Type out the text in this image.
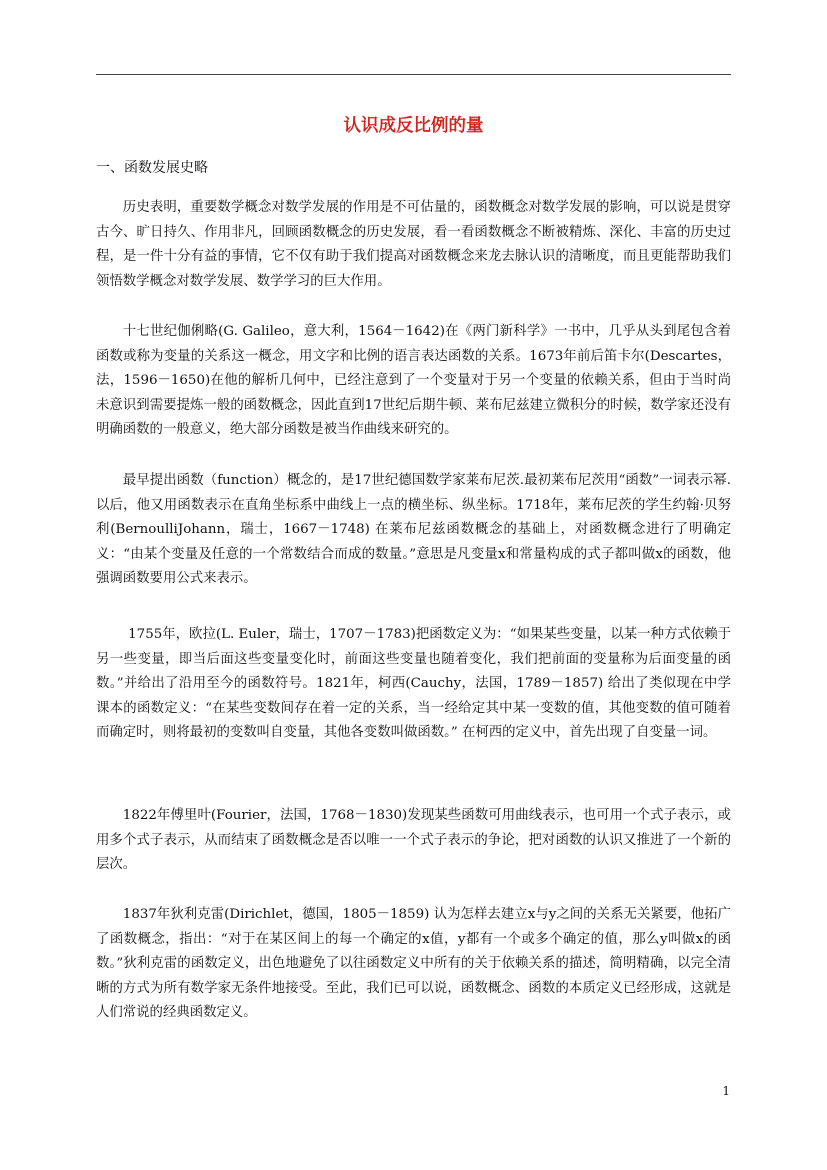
认识成反比例的量

一、函数发展史略

历史表明，重要数学概念对数学发展的作用是不可估量的，函数概念对数学发展的影响，可以说是贯穿古今、旷日持久、作用非凡，回顾函数概念的历史发展，看一看函数概念不断被精炼、深化、丰富的历史过程，是一件十分有益的事情，它不仅有助于我们提高对函数概念来龙去脉认识的清晰度，而且更能帮助我们领悟数学概念对数学发展、数学学习的巨大作用。

十七世纪伽俐略(G. Galileo，意大利，1564－1642)在《两门新科学》一书中，几乎从头到尾包含着函数或称为变量的关系这一概念，用文字和比例的语言表达函数的关系。1673年前后笛卡尔(Descartes，法，1596－1650)在他的解析几何中，已经注意到了一个变量对于另一个变量的依赖关系，但由于当时尚未意识到需要提炼一般的函数概念，因此直到17世纪后期牛顿、莱布尼兹建立微积分的时候，数学家还没有明确函数的一般意义，绝大部分函数是被当作曲线来研究的。

最早提出函数（function）概念的，是17世纪德国数学家莱布尼茨.最初莱布尼茨用“函数”一词表示幂.以后，他又用函数表示在直角坐标系中曲线上一点的横坐标、纵坐标。1718年，莱布尼茨的学生约翰·贝努利(BernoulliJohann，瑞士，1667－1748) 在莱布尼兹函数概念的基础上，对函数概念进行了明确定义：“由某个变量及任意的一个常数结合而成的数量。”意思是凡变量x和常量构成的式子都叫做x的函数，他强调函数要用公式来表示。

1755年，欧拉(L. Euler，瑞士，1707－1783)把函数定义为：“如果某些变量，以某一种方式依赖于另一些变量，即当后面这些变量变化时，前面这些变量也随着变化，我们把前面的变量称为后面变量的函数。”并给出了沿用至今的函数符号。1821年，柯西(Cauchy，法国，1789－1857) 给出了类似现在中学课本的函数定义：“在某些变数间存在着一定的关系，当一经给定其中某一变数的值，其他变数的值可随着而确定时，则将最初的变数叫自变量，其他各变数叫做函数。” 在柯西的定义中，首先出现了自变量一词。

1822年傅里叶(Fourier，法国，1768－1830)发现某些函数可用曲线表示，也可用一个式子表示，或用多个式子表示，从而结束了函数概念是否以唯一一个式子表示的争论，把对函数的认识又推进了一个新的层次。

1837年狄利克雷(Dirichlet，德国，1805－1859) 认为怎样去建立x与y之间的关系无关紧要，他拓广了函数概念，指出：“对于在某区间上的每一个确定的x值，y都有一个或多个确定的值，那么y叫做x的函数。”狄利克雷的函数定义，出色地避免了以往函数定义中所有的关于依赖关系的描述，简明精确，以完全清晰的方式为所有数学家无条件地接受。至此，我们已可以说，函数概念、函数的本质定义已经形成，这就是人们常说的经典函数定义。

1
